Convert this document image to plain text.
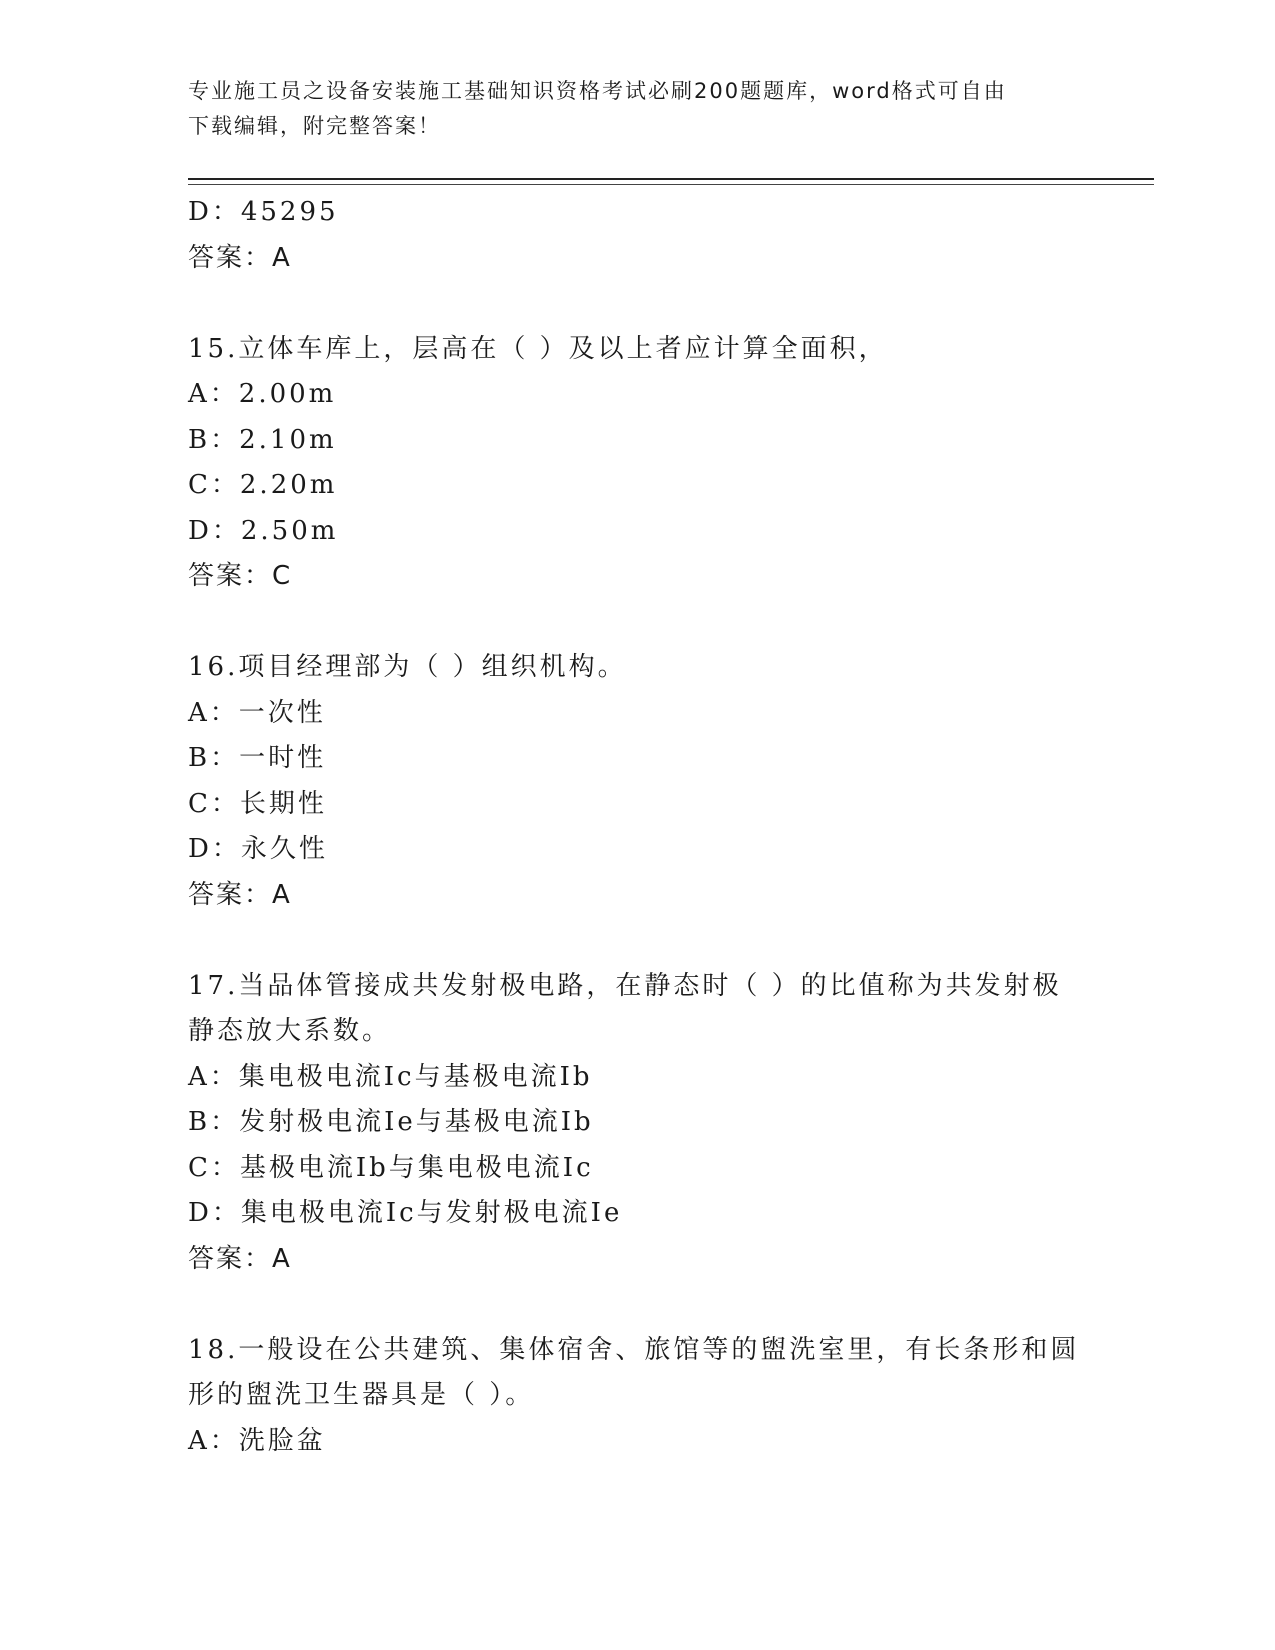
专业施工员之设备安装施工基础知识资格考试必刷200题题库，word格式可自由
下载编辑，附完整答案！
D：45295
答案：A
15.立体车库上，层高在（ ）及以上者应计算全面积，
A：2.00m
B：2.10m
C：2.20m
D：2.50m
答案：C
16.项目经理部为（ ）组织机构。
A：一次性
B：一时性
C：长期性
D：永久性
答案：A
17.当品体管接成共发射极电路，在静态时（ ）的比值称为共发射极
静态放大系数。
A：集电极电流Ic与基极电流Ib
B：发射极电流Ie与基极电流Ib
C：基极电流Ib与集电极电流Ic
D：集电极电流Ic与发射极电流Ie
答案：A
18.一般设在公共建筑、集体宿舍、旅馆等的盥洗室里，有长条形和圆
形的盥洗卫生器具是（ ）。
A：洗脸盆
